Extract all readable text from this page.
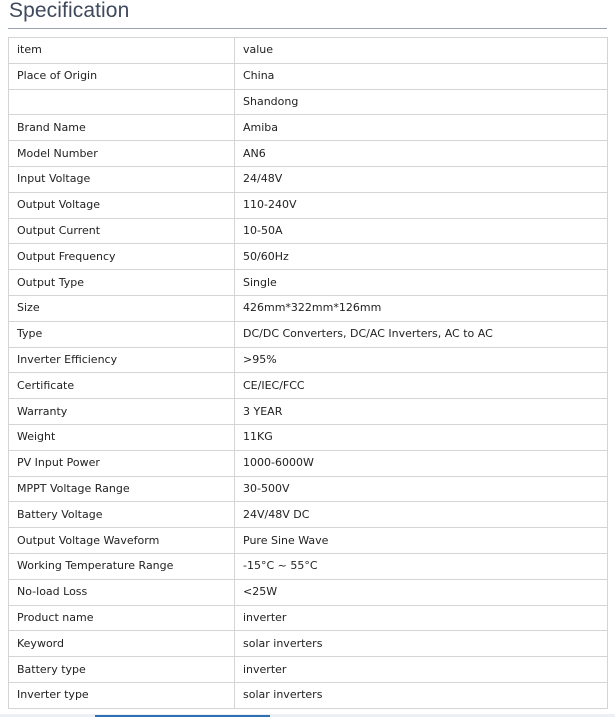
Specification
item	value
Place of Origin	China
	Shandong
Brand Name	Amiba
Model Number	AN6
Input Voltage	24/48V
Output Voltage	110-240V
Output Current	10-50A
Output Frequency	50/60Hz
Output Type	Single
Size	426mm*322mm*126mm
Type	DC/DC Converters, DC/AC Inverters, AC to AC
Inverter Efficiency	>95%
Certificate	CE/IEC/FCC
Warranty	3 YEAR
Weight	11KG
PV Input Power	1000-6000W
MPPT Voltage Range	30-500V
Battery Voltage	24V/48V DC
Output Voltage Waveform	Pure Sine Wave
Working Temperature Range	-15°C ~ 55°C
No-load Loss	<25W
Product name	inverter
Keyword	solar inverters
Battery type	inverter
Inverter type	solar inverters
